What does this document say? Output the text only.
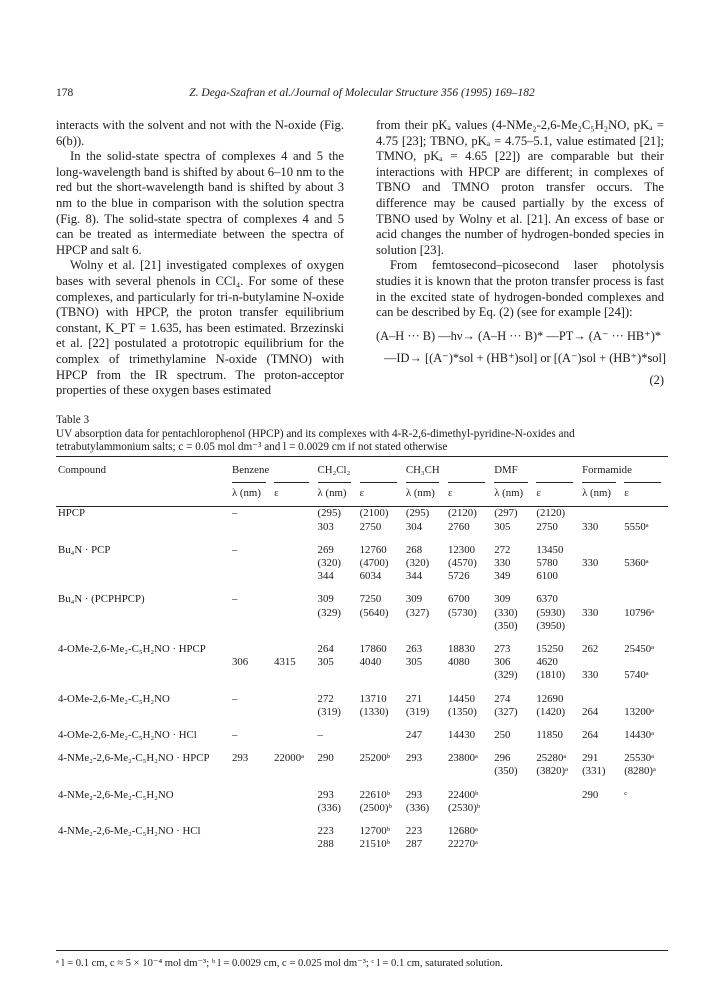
178	Z. Dega-Szafran et al./Journal of Molecular Structure 356 (1995) 169–182

interacts with the solvent and not with the N-oxide (Fig. 6(b)).

In the solid-state spectra of complexes 4 and 5 the long-wavelength band is shifted by about 6–10 nm to the red but the short-wavelength band is shifted by about 3 nm to the blue in comparison with the solution spectra (Fig. 8). The solid-state spectra of complexes 4 and 5 can be treated as intermediate between the spectra of HPCP and salt 6.

Wolny et al. [21] investigated complexes of oxygen bases with several phenols in CCl₄. For some of these complexes, and particularly for tri-n-butylamine N-oxide (TBNO) with HPCP, the proton transfer equilibrium constant, K_PT = 1.635, has been estimated. Brzezinski et al. [22] postulated a prototropic equilibrium for the complex of trimethylamine N-oxide (TMNO) with HPCP from the IR spectrum. The proton-acceptor properties of these oxygen bases estimated

from their pKₐ values (4-NMe₂-2,6-Me₂C₅H₂NO, pKₐ = 4.75 [23]; TBNO, pKₐ = 4.75–5.1, value estimated [21]; TMNO, pKₐ = 4.65 [22]) are comparable but their interactions with HPCP are different; in complexes of TBNO and TMNO proton transfer occurs. The difference may be caused partially by the excess of TBNO used by Wolny et al. [21]. An excess of base or acid changes the number of hydrogen-bonded species in solution [23].

From femtosecond–picosecond laser photolysis studies it is known that the proton transfer process is fast in the excited state of hydrogen-bonded complexes and can be described by Eq. (2) (see for example [24]):

(A–H ··· B) —hν→ (A–H ··· B)* —PT→ (A⁻ ··· HB⁺)*
—ID→ [(A⁻)*sol + (HB⁺)sol] or [(A⁻)sol + (HB⁺)*sol]
(2)
Table 3
UV absorption data for pentachlorophenol (HPCP) and its complexes with 4-R-2,6-dimethyl-pyridine-N-oxides and tetrabutylammonium salts; c = 0.05 mol dm⁻³ and l = 0.0029 cm if not stated otherwise
Compound	Benzene		CH₂Cl₂		CH₃CH		DMF		Formamide	
	λ (nm)	ε	λ (nm)	ε	λ (nm)	ε	λ (nm)	ε	λ (nm)	ε
HPCP	–		(295)	(2100)	(295)	(2120)	(297)	(2120)		
			303	2750	304	2760	305	2750	330	5550ᵃ
Bu₄N · PCP	–		269	12760	268	12300	272	13450		
			(320)	(4700)	(320)	(4570)	330	5780	330	5360ᵃ
			344	6034	344	5726	349	6100		
Bu₄N · (PCPHPCP)	–		309	7250	309	6700	309	6370		
			(329)	(5640)	(327)	(5730)	(330)	(5930)	330	10796ᵃ
							(350)	(3950)		
4-OMe-2,6-Me₂-C₅H₂NO · HPCP			264	17860	263	18830	273	15250	262	25450ᵃ
	306	4315	305	4040	305	4080	306	4620		
							(329)	(1810)	330	5740ᵃ
4-OMe-2,6-Me₂-C₅H₂NO	–		272	13710	271	14450	274	12690		
			(319)	(1330)	(319)	(1350)	(327)	(1420)	264	13200ᵃ
4-OMe-2,6-Me₂-C₅H₂NO · HCl	–		–		247	14430	250	11850	264	14430ᵃ
4-NMe₂-2,6-Me₂-C₅H₂NO · HPCP	293	22000ᵃ	290	25200ᵇ	293	23800ᵃ	296	25280ᵃ	291	25530ᵃ
							(350)	(3820)ᵃ	(331)	(8280)ᵃ
4-NMe₂-2,6-Me₂-C₅H₂NO			293	22610ᵇ	293	22400ᵇ			290	ᶜ
			(336)	(2500)ᵇ	(336)	(2530)ᵇ				
4-NMe₂-2,6-Me₂-C₅H₂NO · HCl			223	12700ᵇ	223	12680ᵃ				
			288	21510ᵇ	287	22270ᵃ				
ᵃ l = 0.1 cm, c ≈ 5 × 10⁻⁴ mol dm⁻³; ᵇ l = 0.0029 cm, c = 0.025 mol dm⁻³; ᶜ l = 0.1 cm, saturated solution.
